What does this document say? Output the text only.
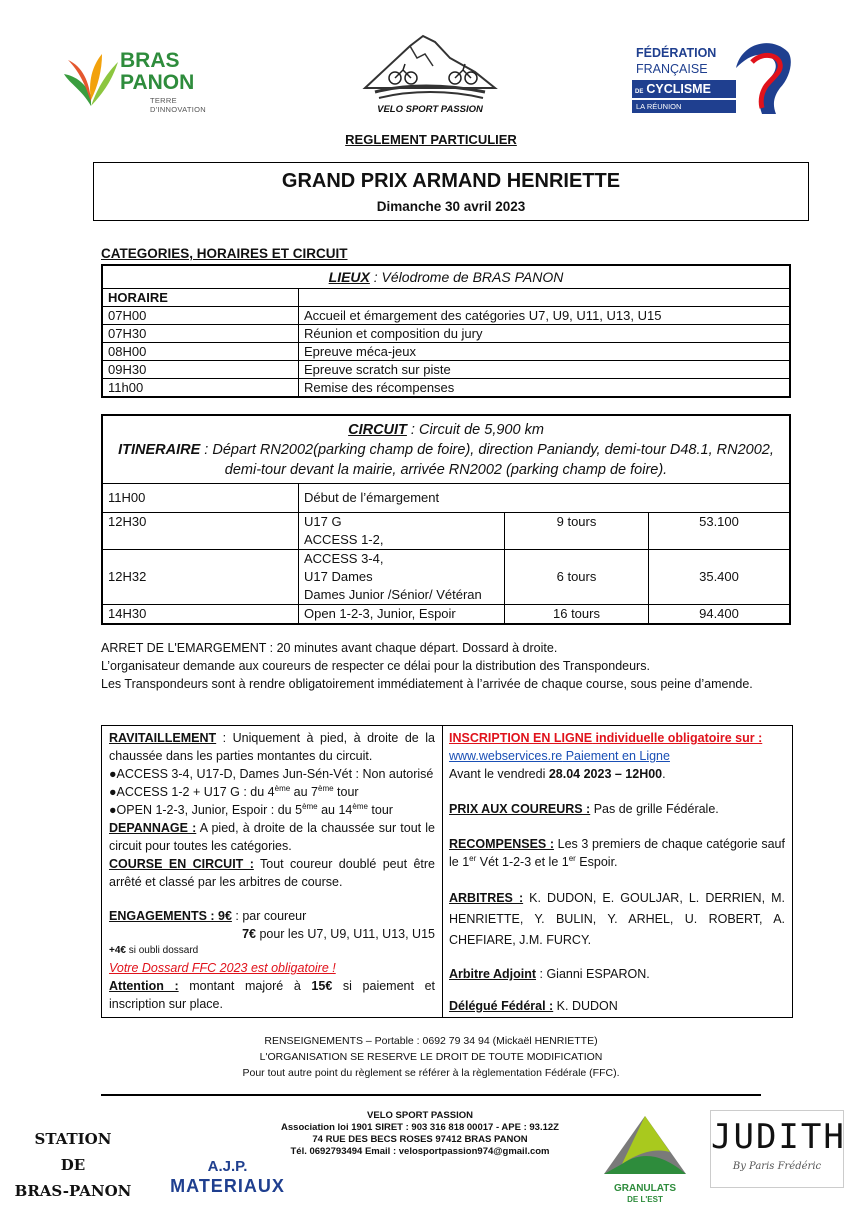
BRAS
PANON
TERRE D'INNOVATION	VELO SPORT PASSION
FÉDÉRATION
FRANÇAISE
DE CYCLISME
LA RÉUNION
REGLEMENT PARTICULIER
GRAND PRIX ARMAND HENRIETTE
Dimanche 30 avril 2023
CATEGORIES, HORAIRES ET CIRCUIT
LIEUX : Vélodrome de BRAS PANON	
HORAIRE	
07H00	Accueil et émargement des catégories U7, U9, U11, U13, U15
07H30	Réunion et composition du jury
08H00	Epreuve méca-jeux
09H30	Epreuve scratch sur piste
11h00	Remise des récompenses
CIRCUIT : Circuit de 5,900 km
ITINERAIRE : Départ RN2002(parking champ de foire), direction Paniandy, demi-tour D48.1, RN2002, demi-tour devant la mairie, arrivée RN2002 (parking champ de foire).			

11H00	Début de l’émargement		
12H30	U17 G
ACCESS 1-2,	9 tours	53.100
12H32	ACCESS 3-4,
U17 Dames
Dames Junior /Sénior/ Vétéran	6 tours	35.400
14H30	Open 1-2-3, Junior, Espoir	16 tours	94.400

ARRET DE L'EMARGEMENT : 20 minutes avant chaque départ. Dossard à droite.

L’organisateur demande aux coureurs de respecter ce délai pour la distribution des Transpondeurs.

Les Transpondeurs sont à rendre obligatoirement immédiatement à l’arrivée de chaque course, sous peine d’amende.

RAVITAILLEMENT : Uniquement à pied, à droite de la chaussée dans les parties montantes du circuit.

●ACCESS 3-4, U17-D, Dames Jun-Sén-Vét : Non autorisé

●ACCESS 1-2 + U17 G : du 4ème au 7ème tour

●OPEN 1-2-3, Junior, Espoir : du 5ème au 14ème tour

DEPANNAGE : A pied, à droite de la chaussée sur tout le circuit pour toutes les catégories.

COURSE EN CIRCUIT : Tout coureur doublé peut être arrêté et classé par les arbitres de course.

ENGAGEMENTS : 9€ : par coureur

7€ pour les U7, U9, U11, U13, U15

+4€ si oubli dossard

Votre Dossard FFC 2023 est obligatoire !

Attention : montant majoré à 15€ si paiement et inscription sur place.

INSCRIPTION EN LIGNE individuelle obligatoire sur :

www.webservices.re Paiement en Ligne

Avant le vendredi 28.04 2023 – 12H00.

PRIX AUX COUREURS : Pas de grille Fédérale.

RECOMPENSES : Les 3 premiers de chaque catégorie sauf le 1er Vét 1-2-3 et le 1er Espoir.

ARBITRES : K. DUDON, E. GOULJAR, L. DERRIEN, M. HENRIETTE, Y. BULIN, Y. ARHEL, U. ROBERT, A. CHEFIARE, J.M. FURCY.

Arbitre Adjoint : Gianni ESPARON.

Délégué Fédéral : K. DUDON

RENSEIGNEMENTS – Portable : 0692 79 34 94 (Mickaël HENRIETTE)
L'ORGANISATION SE RESERVE LE DROIT DE TOUTE MODIFICATION
Pour tout autre point du règlement se référer à la règlementation Fédérale (FFC).
VELO SPORT PASSION
Association loi 1901 SIRET : 903 316 818 00017 - APE : 93.12Z
74 RUE DES BECS ROSES 97412 BRAS PANON
Tél. 0692793494 Email : velosportpassion974@gmail.com
STATION
DE
BRAS-PANON
A.J.P.
MATERIAUX	GRANULATS
DE L'EST
JUDITH
By Paris Frédéric
